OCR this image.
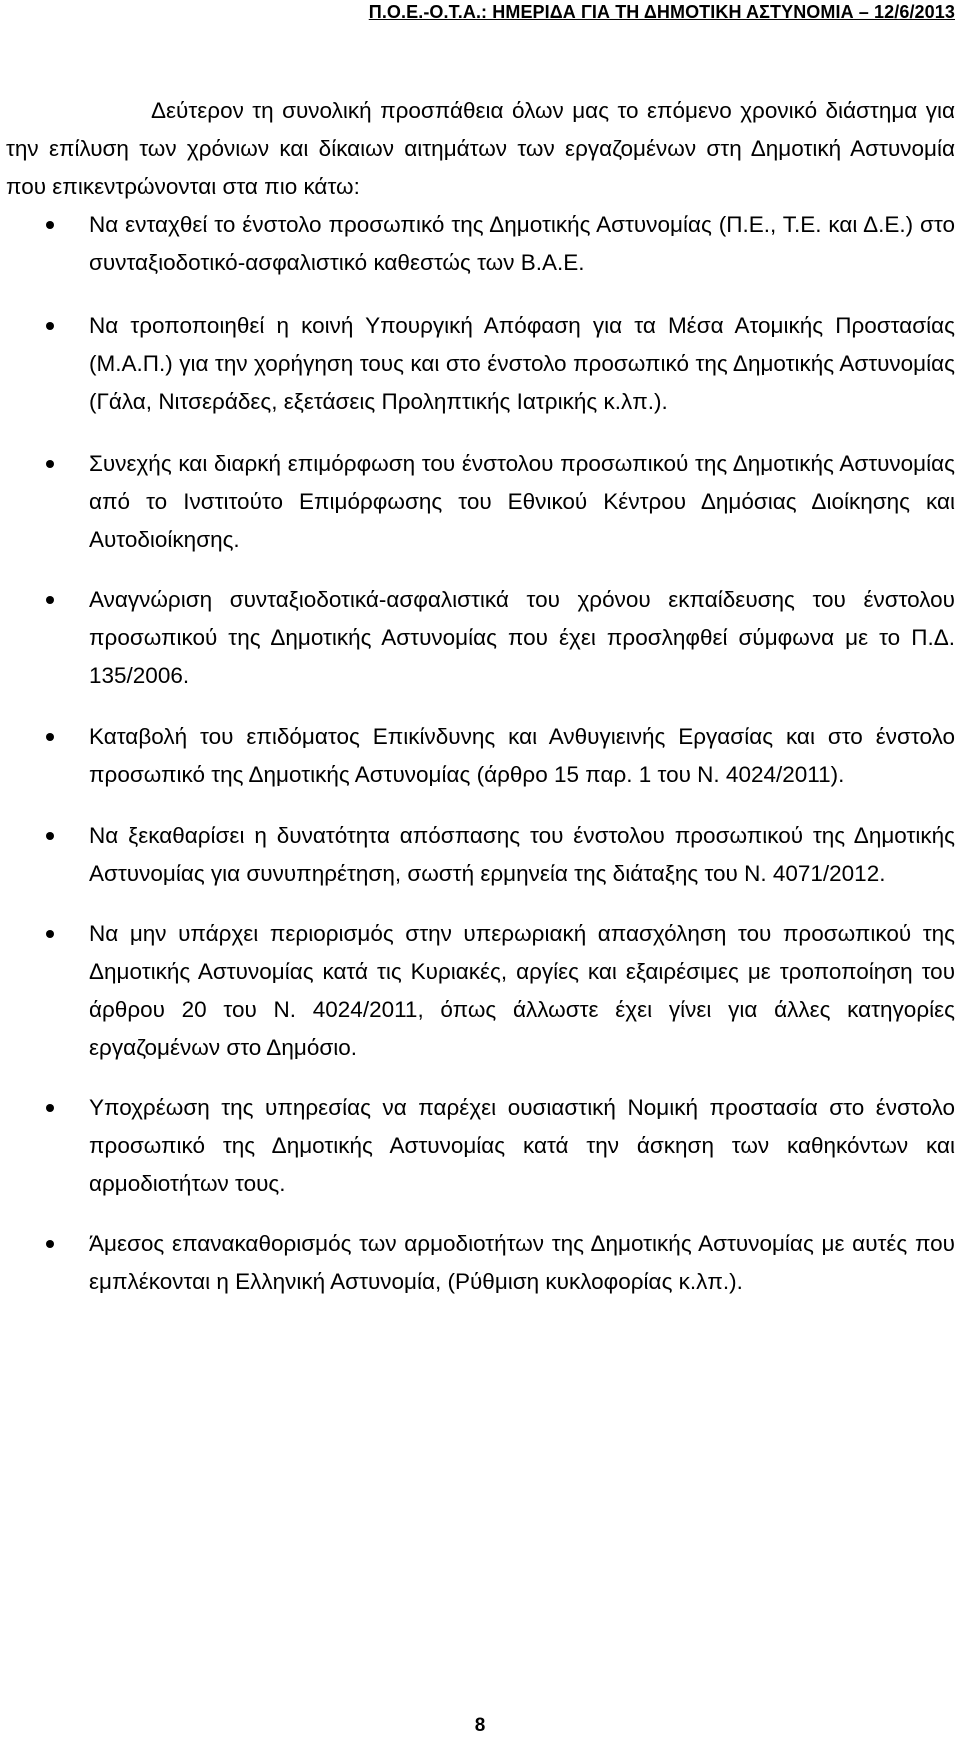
Π.Ο.Ε.-Ο.Τ.Α.: ΗΜΕΡΙΔΑ ΓΙΑ ΤΗ ΔΗΜΟΤΙΚΗ ΑΣΤΥΝΟΜΙΑ – 12/6/2013

Δεύτερον τη συνολική προσπάθεια όλων μας το επόμενο χρονικό διάστημα για την επίλυση των χρόνιων και δίκαιων αιτημάτων των εργαζομένων στη Δημοτική Αστυνομία που επικεντρώνονται στα πιο κάτω:

Να ενταχθεί το ένστολο προσωπικό της Δημοτικής Αστυνομίας (Π.Ε., Τ.Ε. και Δ.Ε.) στο συνταξιοδοτικό-ασφαλιστικό καθεστώς των Β.Α.Ε.
Να τροποποιηθεί η κοινή Υπουργική Απόφαση για τα Μέσα Ατομικής Προστασίας (Μ.Α.Π.) για την χορήγηση τους και στο ένστολο προσωπικό της Δημοτικής Αστυνομίας (Γάλα, Νιτσεράδες, εξετάσεις Προληπτικής Ιατρικής κ.λπ.).
Συνεχής και διαρκή επιμόρφωση του ένστολου προσωπικού της Δημοτικής Αστυνομίας από το Ινστιτούτο Επιμόρφωσης του Εθνικού Κέντρου Δημόσιας Διοίκησης και Αυτοδιοίκησης.
Αναγνώριση συνταξιοδοτικά-ασφαλιστικά του χρόνου εκπαίδευσης του ένστολου προσωπικού της Δημοτικής Αστυνομίας που έχει προσληφθεί σύμφωνα με το Π.Δ. 135/2006.
Καταβολή του επιδόματος Επικίνδυνης και Ανθυγιεινής Εργασίας και στο ένστολο προσωπικό της Δημοτικής Αστυνομίας (άρθρο 15 παρ. 1 του Ν. 4024/2011).
Να ξεκαθαρίσει η δυνατότητα απόσπασης του ένστολου προσωπικού της Δημοτικής Αστυνομίας για συνυπηρέτηση, σωστή ερμηνεία της διάταξης του Ν. 4071/2012.
Να μην υπάρχει περιορισμός στην υπερωριακή απασχόληση του προσωπικού της Δημοτικής Αστυνομίας κατά τις Κυριακές, αργίες και εξαιρέσιμες με τροποποίηση του άρθρου 20 του Ν. 4024/2011, όπως άλλωστε έχει γίνει για άλλες κατηγορίες εργαζομένων στο Δημόσιο.
Υποχρέωση της υπηρεσίας να παρέχει ουσιαστική Νομική προστασία στο ένστολο προσωπικό της Δημοτικής Αστυνομίας κατά την άσκηση των καθηκόντων και αρμοδιοτήτων τους.
Άμεσος επανακαθορισμός των αρμοδιοτήτων της Δημοτικής Αστυνομίας με αυτές που εμπλέκονται η Ελληνική Αστυνομία, (Ρύθμιση κυκλοφορίας κ.λπ.).
8
